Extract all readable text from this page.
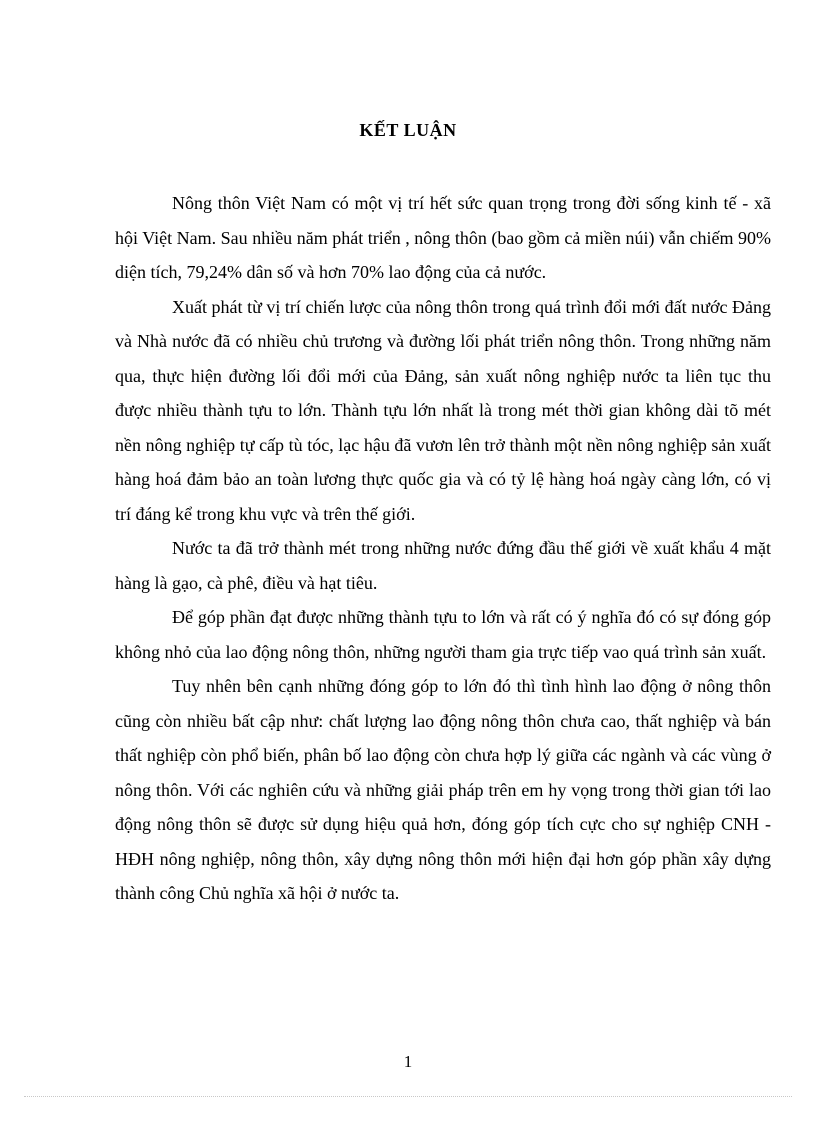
KẾT LUẬN

Nông thôn Việt Nam có một vị trí hết sức quan trọng trong đời sống kinh tế - xã hội Việt Nam. Sau nhiều năm phát triển , nông thôn (bao gồm cả miền núi) vẫn chiếm 90% diện tích, 79,24% dân số và hơn 70% lao động của cả nước.

Xuất phát từ vị trí chiến lược của nông thôn trong quá trình đổi mới đất nước Đảng và Nhà nước đã có nhiều chủ trương và đường lối phát triển nông thôn. Trong những năm qua, thực hiện đường lối đổi mới của Đảng, sản xuất nông nghiệp nước ta liên tục thu được nhiều thành tựu to lớn. Thành tựu lớn nhất là trong mét thời gian không dài tõ mét nền nông nghiệp tự cấp tù tóc, lạc hậu đã vươn lên trở thành một nền nông nghiệp sản xuất hàng hoá đảm bảo an toàn lương thực quốc gia và có tỷ lệ hàng hoá ngày càng lớn, có vị trí đáng kể trong khu vực và trên thế giới.

Nước ta đã trở thành mét trong những nước đứng đầu thế giới về xuất khẩu 4 mặt hàng là gạo, cà phê, điều và hạt tiêu.

Để góp phần đạt được những thành tựu to lớn và rất có ý nghĩa đó có sự đóng góp không nhỏ của lao động nông thôn, những người tham gia trực tiếp vao quá trình sản xuất.

Tuy nhên bên cạnh những đóng góp to lớn đó thì tình hình lao động ở nông thôn cũng còn nhiều bất cập như: chất lượng lao động nông thôn chưa cao, thất nghiệp và bán thất nghiệp còn phổ biến, phân bố lao động còn chưa hợp lý giữa các ngành và các vùng ở nông thôn. Với các nghiên cứu và những giải pháp trên em hy vọng trong thời gian tới lao động nông thôn sẽ được sử dụng hiệu quả hơn, đóng góp tích cực cho sự nghiệp CNH - HĐH nông nghiệp, nông thôn, xây dựng nông thôn mới hiện đại hơn góp phần xây dựng thành công Chủ nghĩa xã hội ở nước ta.

1
